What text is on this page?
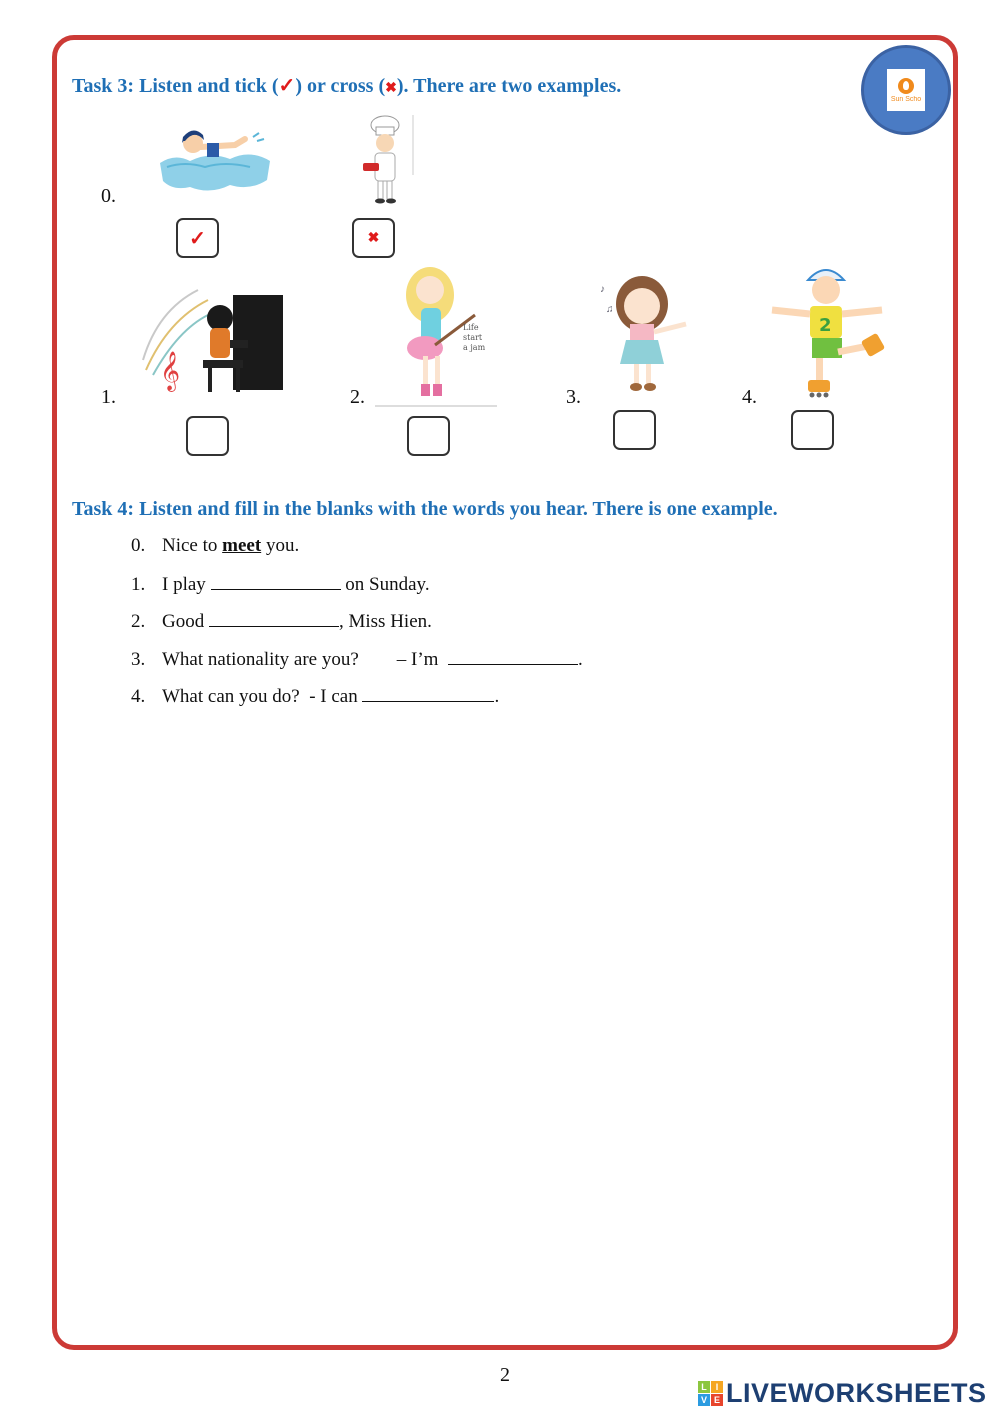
Sun Scho
Task 3: Listen and tick (✓) or cross (✖). There are two examples.
0.
✓	✖
1.
𝄞
2.
Life
start
a jam
3.
♪
♫
4.
2
Task 4: Listen and fill in the blanks with the words you hear. There is one example.
0. Nice to meet you.
1. I play	on Sunday.
2. Good	, Miss Hien.
3. What nationality are you?        – I’m	.
4. What can you do?  - I can	.
2
L I
V E LIVEWORKSHEETS
